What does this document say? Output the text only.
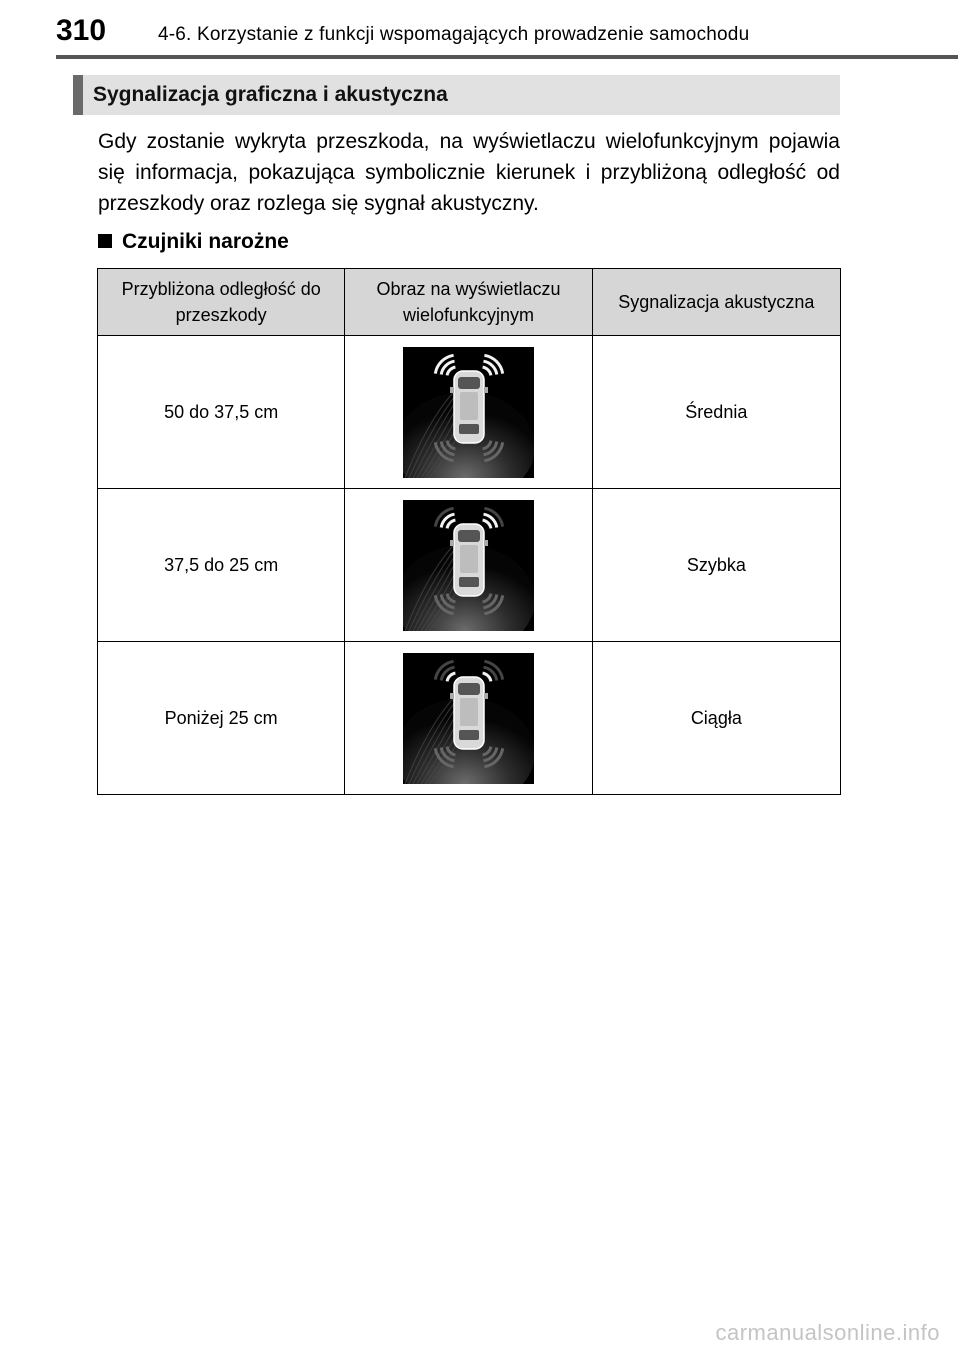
310	4-6. Korzystanie z funkcji wspomagających prowadzenie samochodu
Sygnalizacja graficzna i akustyczna
Gdy zostanie wykryta przeszkoda, na wyświetlaczu wielofunkcyjnym pojawia się informacja, pokazująca symbolicznie kierunek i przybliżoną odległość od przeszkody oraz rozlega się sygnał akustyczny.
Czujniki narożne
Przybliżona odległość do przeszkody	Obraz na wyświetlaczu wielofunkcyjnym	Sygnalizacja akustyczna
50 do 37,5 cm		Średnia
37,5 do 25 cm		Szybka
Poniżej 25 cm		Ciągła
carmanualsonline.info
